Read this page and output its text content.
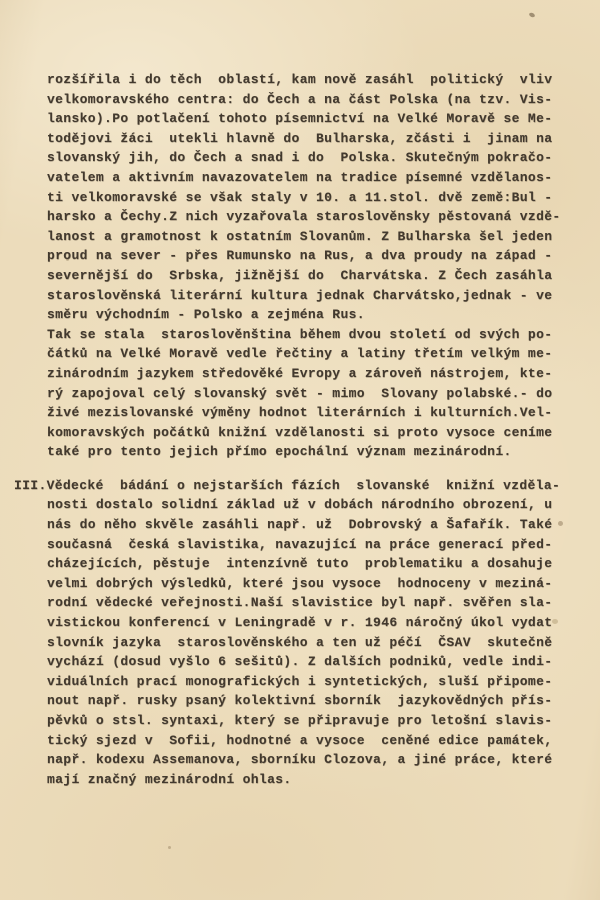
rozšířila i do těch  oblastí, kam nově zasáhl  politický  vliv
velkomoravského centra: do Čech a na část Polska (na tzv. Vis-
lansko).Po potlačení tohoto písemnictví na Velké Moravě se Me-
todějovi žáci  utekli hlavně do  Bulharska, zčásti i  jinam na
slovanský jih, do Čech a snad i do  Polska. Skutečným pokračo-
vatelem a aktivním navazovatelem na tradice písemné vzdělanos-
ti velkomoravské se však staly v 10. a 11.stol. dvě země:Bul -
harsko a Čechy.Z nich vyzařovala staroslověnsky pěstovaná vzdě-
lanost a gramotnost k ostatním Slovanům. Z Bulharska šel jeden
proud na sever - přes Rumunsko na Rus, a dva proudy na západ -
severnější do  Srbska, jižnější do  Charvátska. Z Čech zasáhla
staroslověnská literární kultura jednak Charvátsko,jednak - ve
směru východním - Polsko a zejména Rus.
Tak se stala  staroslověnština během dvou století od svých po-
čátků na Velké Moravě vedle řečtiny a latiny třetím velkým me-
zinárodním jazykem středověké Evropy a zároveň nástrojem, kte-
rý zapojoval celý slovanský svět - mimo  Slovany polabské.- do
živé mezislovanské výměny hodnot literárních i kulturních.Vel-
komoravských počátků knižní vzdělanosti si proto vysoce ceníme
také pro tento jejich přímo epochální význam mezinárodní.
III.Vědecké  bádání o nejstarších fázích  slovanské  knižní vzděla-
nosti dostalo solidní základ už v dobách národního obrození, u
nás do něho skvěle zasáhli např. už  Dobrovský a Šafařík. Také
současná  česká slavistika, navazující na práce generací před-
cházejících, pěstuje  intenzívně tuto  problematiku a dosahuje
velmi dobrých výsledků, které jsou vysoce  hodnoceny v meziná-
rodní vědecké veřejnosti.Naší slavistice byl např. svěřen sla-
vistickou konferencí v Leningradě v r. 1946 náročný úkol vydat
slovník jazyka  staroslověnského a ten už péčí  ČSAV  skutečně
vychází (dosud vyšlo 6 sešitů). Z dalších podniků, vedle indi-
viduálních prací monografických i syntetických, sluší připome-
nout např. rusky psaný kolektivní sborník  jazykovědných přís-
pěvků o stsl. syntaxi, který se připravuje pro letošní slavis-
tický sjezd v  Sofii, hodnotné a vysoce  ceněné edice památek,
např. kodexu Assemanova, sborníku Clozova, a jiné práce, které
mají značný mezinárodní ohlas.
